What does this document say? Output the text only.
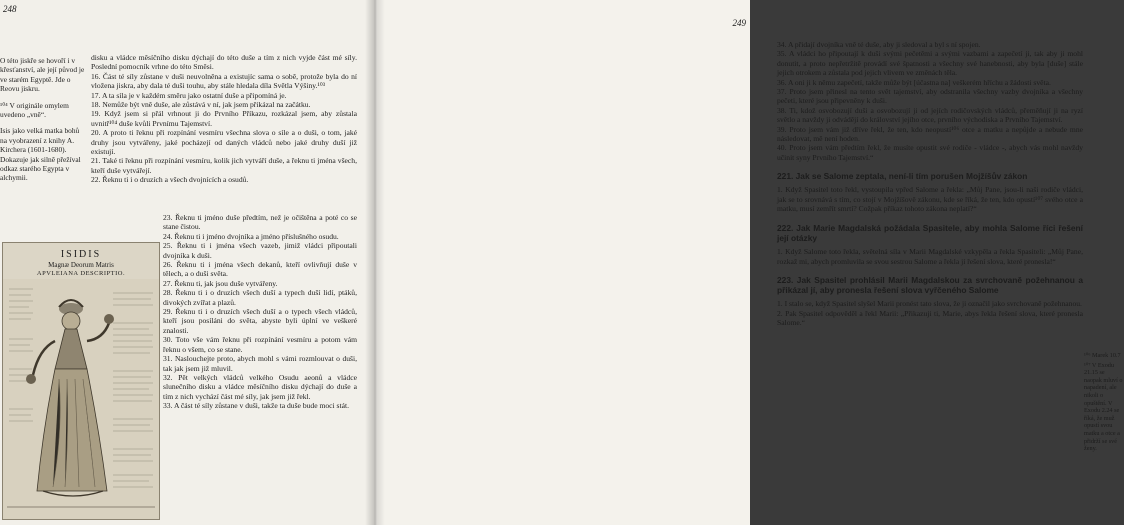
248

O této jiskře se hovoří i v křesťanství, ale její původ je ve starém Egyptě. Jde o Reovu jiskru.

¹⁰⁴ V originále omylem uvedeno „vně“.

Isis jako velká matka bohů na vyobrazení z knihy A. Kirchera (1601-1680). Dokazuje jak silně přežíval odkaz starého Egypta v alchymii.

disku a vládce měsíčního disku dýchají do této duše a tím z nich vyjde část mé síly. Poslední pomocník vrhne do této Směsi.

16. Část té síly zůstane v duši neuvolněna a existujíc sama o sobě, protože byla do ní vložena jiskra, aby dala té duši touhu, aby stále hledala díla Světla Výšiny.¹⁰³

17. A ta síla je v každém směru jako ostatní duše a připomíná je.

18. Nemůže být vně duše, ale zůstává v ní, jak jsem přikázal na začátku.

19. Když jsem si přál vrhnout ji do Prvního Příkazu, rozkázal jsem, aby zůstala uvnitř¹⁰⁴ duše kvůli Prvnímu Tajemství.

20. A proto ti řeknu při rozpínání vesmíru všechna slova o síle a o duši, o tom, jaké druhy jsou vytvářeny, jaké pocházejí od daných vládců nebo jaké druhy duší již existují.

21. Také ti řeknu při rozpínání vesmíru, kolik jich vytváří duše, a řeknu ti jména všech, kteří duše vytvářejí.

22. Řeknu ti i o druzích a všech dvojnících a osudů.

23. Řeknu ti jméno duše předtím, než je očištěna a poté co se stane čistou.

24. Řeknu ti i jméno dvojníka a jméno příslušného osudu.

25. Řeknu ti i jména všech vazeb, jimiž vládci připoutali dvojníka k duši.

26. Řeknu ti i jména všech dekanů, kteří ovlivňují duše v tělech, a o duši světa.

27. Řeknu ti, jak jsou duše vytvářeny.

28. Řeknu ti i o druzích všech duší a typech duší lidí, ptáků, divokých zvířat a plazů.

29. Řeknu ti i o druzích všech duší a o typech všech vládců, kteří jsou posíláni do světa, abyste byli úplní ve veškeré znalosti.

30. Toto vše vám řeknu při rozpínání vesmíru a potom vám řeknu o všem, co se stane.

31. Naslouchejte proto, abych mohl s vámi rozmlouvat o duši, tak jak jsem již mluvil.

32. Pět velkých vládců velkého Osudu aeonů a vládce slunečního disku a vládce měsíčního disku dýchají do duše a tím z nich vychází část mé síly, jak jsem již řekl.

33. A část té síly zůstane v duši, takže ta duše bude moci stát.

ISIDIS
Magnæ Deorum Matris
APVLEIANA DESCRIPTIO.
249

34. A přidají dvojníka vně té duše, aby ji sledoval a byl s ní spojen.

35. A vládci ho připoutají k duši svými pečetěmi a svými vazbami a zapečetí ji, tak aby ji mohl donutit, a proto nepřetržitě provádí své špatnosti a všechny své hanebnosti, aby byla [duše] stále jejich otrokem a zůstala pod jejich vlivem ve změnách těla.

36. A oni ji k němu zapečetí, takže může být [účastna na] veškerém hříchu a žádosti světa.

37. Proto jsem přinesl na tento svět tajemství, aby odstranila všechny vazby dvojníka a všechny pečeti, které jsou připevněny k duši.

38. Ti, kdož osvobozují duši a osvobozují ji od jejích rodičovských vládců, přeměňují ji na ryzí světlo a navždy ji odvádějí do království jejího otce, prvního východiska a Prvního Tajemství.

39. Proto jsem vám již dříve řekl, že ten, kdo neopustí¹⁰⁶ otce a matku a nepůjde a nebude mne následovat, mě není hoden.

40. Proto jsem vám předtím řekl, že musíte opustit své rodiče - vládce -, abych vás mohl navždy učinit syny Prvního Tajemství.“

221. Jak se Salome zeptala, není-li tím porušen Mojžíšův zákon

1. Když Spasitel toto řekl, vystoupila vpřed Salome a řekla: „Můj Pane, jsou-li naši rodiče vládci, jak se to srovnává s tím, co stojí v Mojžíšově zákonu, kde se říká, že ten, kdo opustí¹⁰⁷ svého otce a matku, musí zemřít smrtí? Cožpak příkaz tohoto zákona neplatí?“

222. Jak Marie Magdalská požádala Spasitele, aby mohla Salome říci řešení její otázky

1. Když Salome toto řekla, světelná síla v Marii Magdalské vzkypěla a řekla Spasiteli: „Můj Pane, rozkaž mi, abych promluvila se svou sestrou Salome a řekla jí řešení slova, které pronesla!“

223. Jak Spasitel prohlásil Marii Magdalskou za svrchovaně požehnanou a přikázal jí, aby pronesla řešení slova vyřčeného Salome

1. I stalo se, když Spasitel slyšel Marii pronést tato slova, že ji označil jako svrchovaně požehnanou.

2. Pak Spasitel odpověděl a řekl Marii: „Přikazuji ti, Marie, abys řekla řešení slova, které pronesla Salome.“

¹⁰⁶ Marek 10.7

¹⁰⁷ V Exodu 21.15 se naopak mluví o napadení, ale nikoli o opuštění. V Exodu 2.24 se říká, že muž opustí svou matku a otce a přidrží se své ženy.
